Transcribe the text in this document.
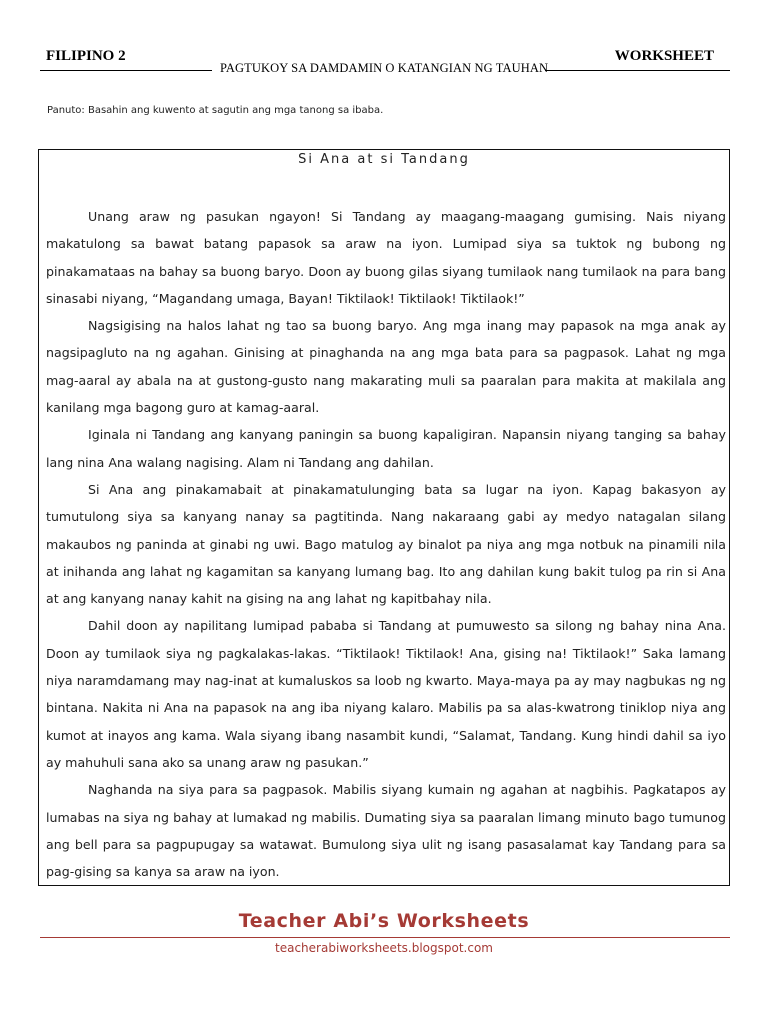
FILIPINO 2
PAGTUKOY SA DAMDAMIN O KATANGIAN NG TAUHAN
WORKSHEET
Panuto: Basahin ang kuwento at sagutin ang mga tanong sa ibaba.
Si Ana at si Tandang

Unang araw ng pasukan ngayon! Si Tandang ay maagang-maagang gumising. Nais niyang makatulong sa bawat batang papasok sa araw na iyon. Lumipad siya sa tuktok ng bubong ng pinakamataas na bahay sa buong baryo. Doon ay buong gilas siyang tumilaok nang tumilaok na para bang sinasabi niyang, “Magandang umaga, Bayan! Tiktilaok! Tiktilaok! Tiktilaok!”

Nagsigising na halos lahat ng tao sa buong baryo. Ang mga inang may papasok na mga anak ay nagsipagluto na ng agahan. Ginising at pinaghanda na ang mga bata para sa pagpasok. Lahat ng mga mag-aaral ay abala na at gustong-gusto nang makarating muli sa paaralan para makita at makilala ang kanilang mga bagong guro at kamag-aaral.

Iginala ni Tandang ang kanyang paningin sa buong kapaligiran. Napansin niyang tanging sa bahay lang nina Ana walang nagising. Alam ni Tandang ang dahilan.

Si Ana ang pinakamabait at pinakamatulunging bata sa lugar na iyon. Kapag bakasyon ay tumutulong siya sa kanyang nanay sa pagtitinda. Nang nakaraang gabi ay medyo natagalan silang makaubos ng paninda at ginabi ng uwi. Bago matulog ay binalot pa niya ang mga notbuk na pinamili nila at inihanda ang lahat ng kagamitan sa kanyang lumang bag. Ito ang dahilan kung bakit tulog pa rin si Ana at ang kanyang nanay kahit na gising na ang lahat ng kapitbahay nila.

Dahil doon ay napilitang lumipad pababa si Tandang at pumuwesto sa silong ng bahay nina Ana. Doon ay tumilaok siya ng pagkalakas-lakas. “Tiktilaok! Tiktilaok! Ana, gising na! Tiktilaok!” Saka lamang niya naramdamang may nag-inat at kumaluskos sa loob ng kwarto. Maya-maya pa ay may nagbukas ng ng bintana. Nakita ni Ana na papasok na ang iba niyang kalaro. Mabilis pa sa alas-kwatrong tiniklop niya ang kumot at inayos ang kama. Wala siyang ibang nasambit kundi, “Salamat, Tandang. Kung hindi dahil sa iyo ay mahuhuli sana ako sa unang araw ng pasukan.”

Naghanda na siya para sa pagpasok. Mabilis siyang kumain ng agahan at nagbihis. Pagkatapos ay lumabas na siya ng bahay at lumakad ng mabilis. Dumating siya sa paaralan limang minuto bago tumunog ang bell para sa pagpupugay sa watawat. Bumulong siya ulit ng isang pasasalamat kay Tandang para sa pag-gising sa kanya sa araw na iyon.

Teacher Abi’s Worksheets
teacherabiworksheets.blogspot.com
